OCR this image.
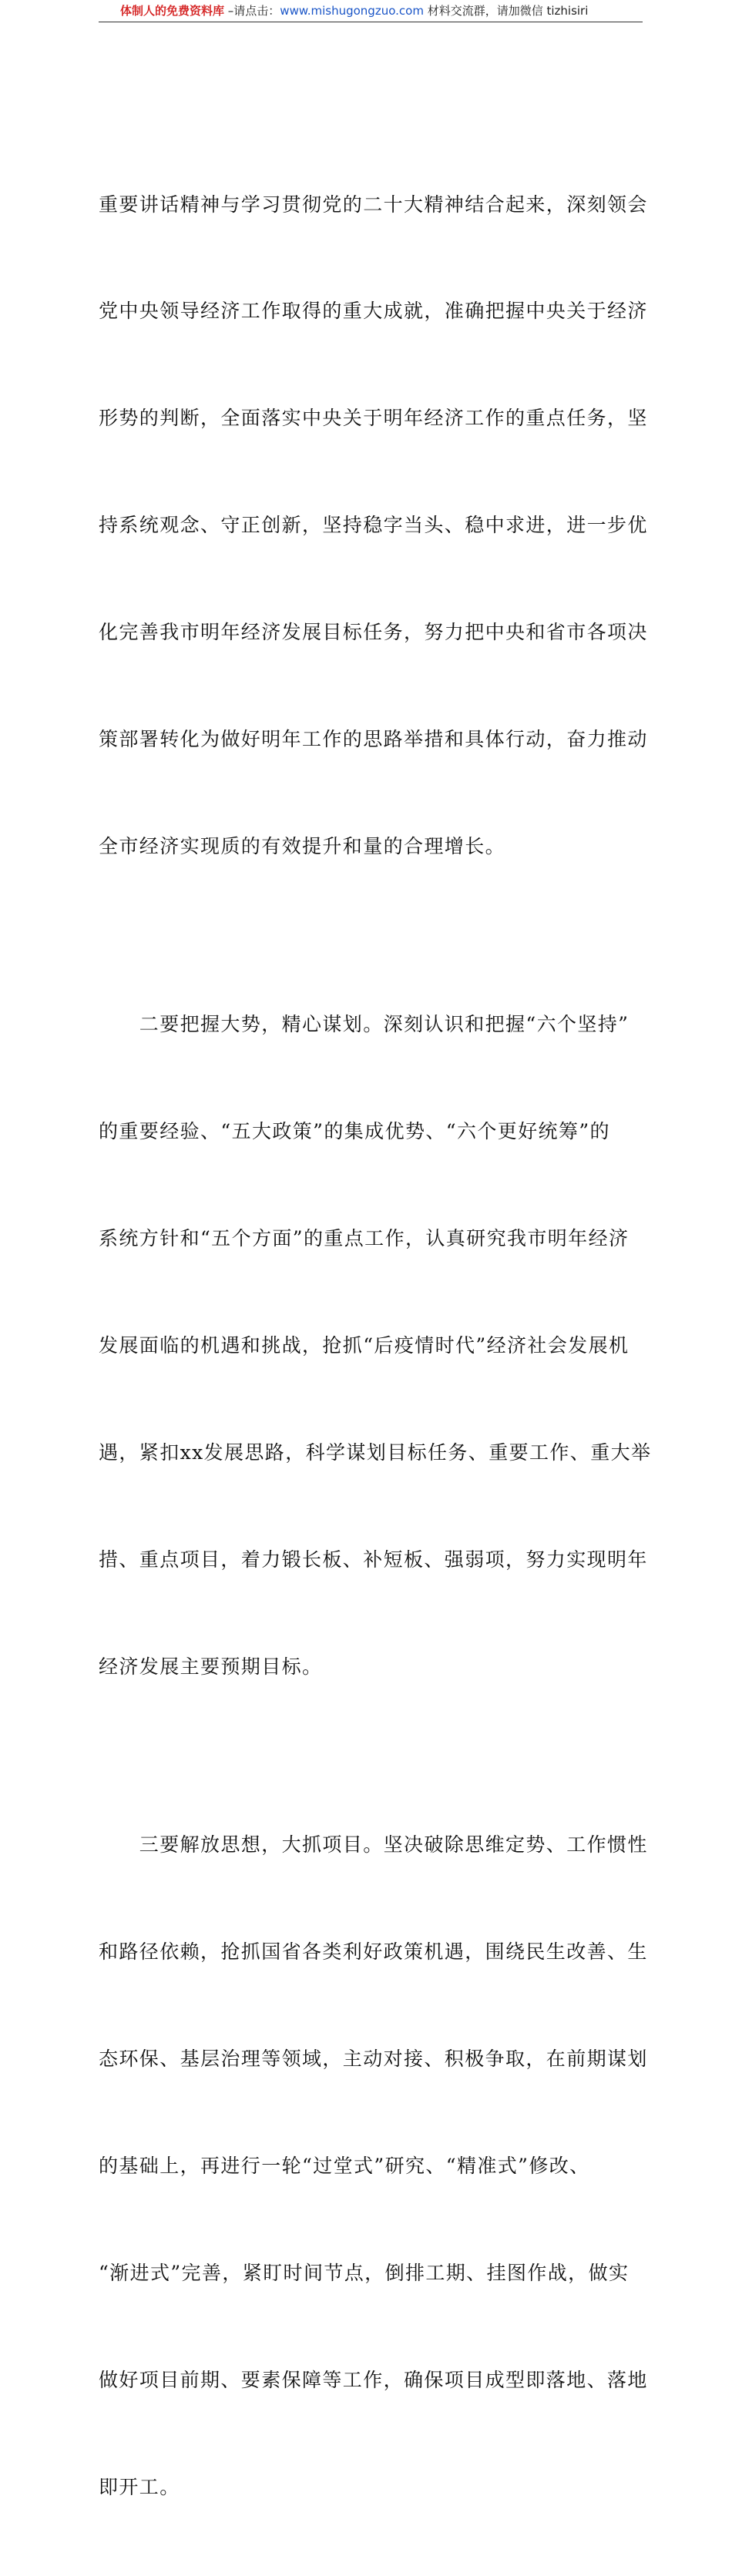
体制人的免费资料库 –请点击：www.mishugongzuo.com 材料交流群，请加微信 tizhisiri

重要讲话精神与学习贯彻党的二十大精神结合起来，深刻领会

党中央领导经济工作取得的重大成就，准确把握中央关于经济

形势的判断，全面落实中央关于明年经济工作的重点任务，坚

持系统观念、守正创新，坚持稳字当头、稳中求进，进一步优

化完善我市明年经济发展目标任务，努力把中央和省市各项决

策部署转化为做好明年工作的思路举措和具体行动，奋力推动

全市经济实现质的有效提升和量的合理增长。

　　二要把握大势，精心谋划。深刻认识和把握“六个坚持”

的重要经验、“五大政策”的集成优势、“六个更好统筹”的

系统方针和“五个方面”的重点工作，认真研究我市明年经济

发展面临的机遇和挑战，抢抓“后疫情时代”经济社会发展机

遇，紧扣xx发展思路，科学谋划目标任务、重要工作、重大举

措、重点项目，着力锻长板、补短板、强弱项，努力实现明年

经济发展主要预期目标。

　　三要解放思想，大抓项目。坚决破除思维定势、工作惯性

和路径依赖，抢抓国省各类利好政策机遇，围绕民生改善、生

态环保、基层治理等领域，主动对接、积极争取，在前期谋划

的基础上，再进行一轮“过堂式”研究、“精准式”修改、

“渐进式”完善，紧盯时间节点，倒排工期、挂图作战，做实

做好项目前期、要素保障等工作，确保项目成型即落地、落地

即开工。
